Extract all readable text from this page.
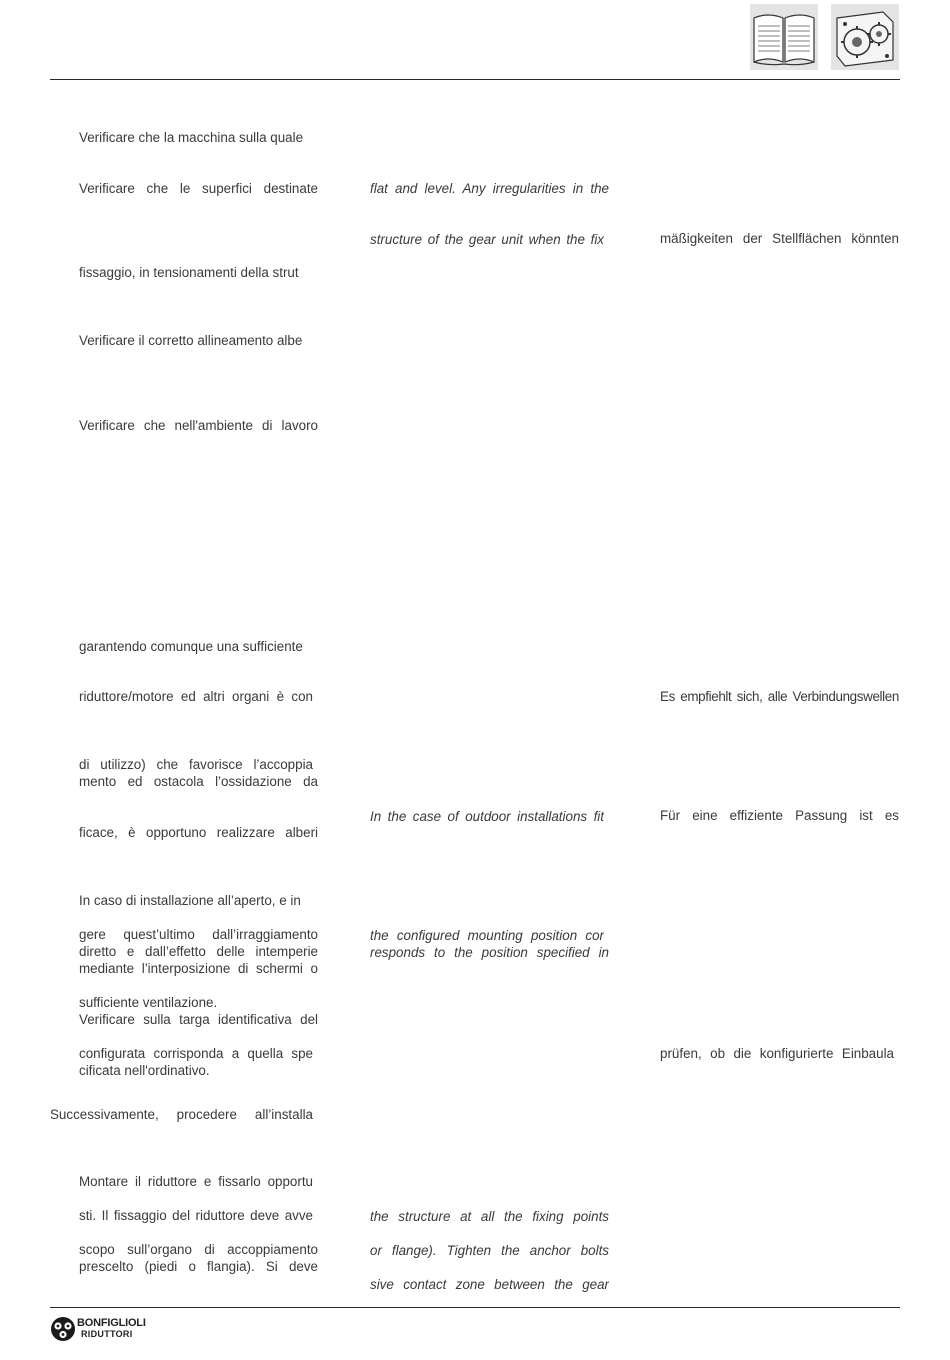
Verificare che la macchina sulla quale
Verificare che le superfici destinate
fissaggio, in tensionamenti della strut
Verificare il corretto allineamento albe
Verificare che nell'ambiente di lavoro
garantendo comunque una sufficiente
riduttore/motore ed altri organi è con
di utilizzo) che favorisce l’accoppia
mento ed ostacola l’ossidazione da
ficace, è opportuno realizzare alberi
In caso di installazione all’aperto, e in
gere quest’ultimo dall’irraggiamento
diretto e dall’effetto delle intemperie
mediante l’interposizione di schermi o
sufficiente ventilazione.
Verificare sulla targa identificativa del
configurata corrisponda a quella spe
cificata nell'ordinativo.
Successivamente, procedere all’installa
Montare il riduttore e fissarlo opportu
sti. Il fissaggio del riduttore deve avve
scopo sull’organo di accoppiamento
prescelto (piedi o flangia). Si deve
flat and level. Any irregularities in the
structure of the gear unit when the fix
In the case of outdoor installations fit
the configured mounting position cor
responds to the position specified in
the structure at all the fixing points
or flange). Tighten the anchor bolts
sive contact zone between the gear
mäßigkeiten der Stellflächen könnten
Es empfiehlt sich, alle Verbindungswellen
Für eine effiziente Passung ist es
prüfen, ob die konfigurierte Einbaula
BONFIGLIOLI
RIDUTTORI
